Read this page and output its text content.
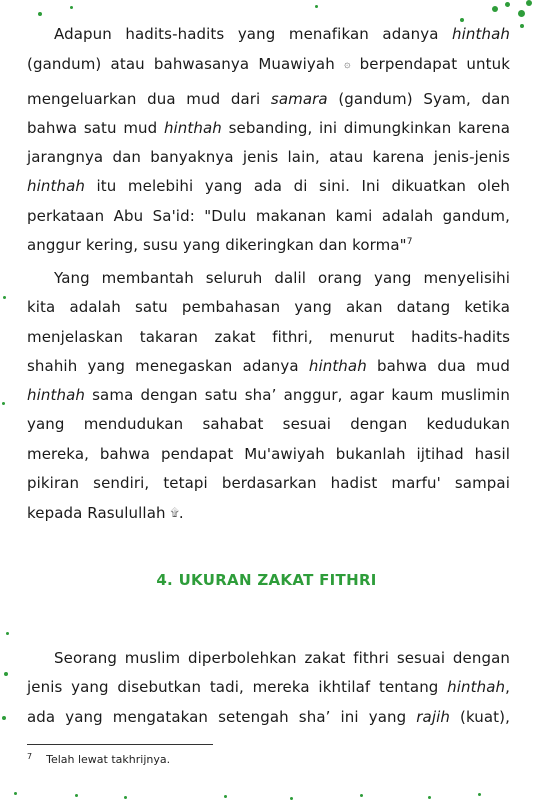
Adapun hadits-hadits yang menafikan adanya hinthah
(gandum) atau bahwasanya Muawiyah ۞ berpendapat untuk
mengeluarkan dua mud dari samara (gandum) Syam, dan
bahwa satu mud hinthah sebanding, ini dimungkinkan karena
jarangnya dan banyaknya jenis lain, atau karena jenis-jenis
hinthah itu melebihi yang ada di sini. Ini dikuatkan oleh
perkataan Abu Sa'id: "Dulu makanan kami adalah gandum,
anggur kering, susu yang dikeringkan dan korma"$^7$
Yang membantah seluruh dalil orang yang menyelisihi
kita adalah satu pembahasan yang akan datang ketika
menjelaskan takaran zakat fithri, menurut hadits-hadits
shahih yang menegaskan adanya hinthah bahwa dua mud
hinthah sama dengan satu sha’ anggur, agar kaum muslimin
yang mendudukan sahabat sesuai dengan kedudukan
mereka, bahwa pendapat Mu'awiyah bukanlah ijtihad hasil
pikiran sendiri, tetapi berdasarkan hadist marfu' sampai
kepada Rasulullah ۩.
4. UKURAN ZAKAT FITHRI
Seorang muslim diperbolehkan zakat fithri sesuai dengan
jenis yang disebutkan tadi, mereka ikhtilaf tentang hinthah,
ada yang mengatakan setengah sha’ ini yang rajih (kuat),
$^7$ Telah lewat takhrijnya.
